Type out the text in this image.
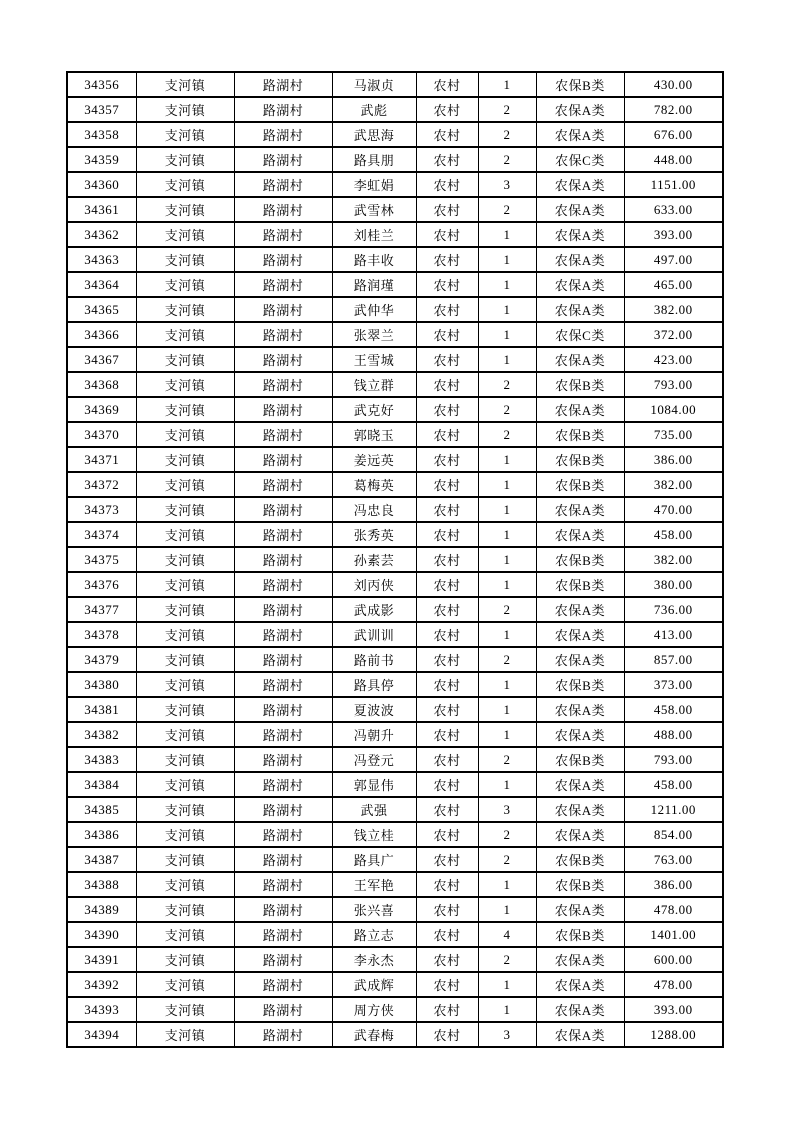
34356	支河镇	路湖村	马淑贞	农村	1	农保B类	430.00
34357	支河镇	路湖村	武彪	农村	2	农保A类	782.00
34358	支河镇	路湖村	武思海	农村	2	农保A类	676.00
34359	支河镇	路湖村	路具朋	农村	2	农保C类	448.00
34360	支河镇	路湖村	李虹娟	农村	3	农保A类	1151.00
34361	支河镇	路湖村	武雪林	农村	2	农保A类	633.00
34362	支河镇	路湖村	刘桂兰	农村	1	农保A类	393.00
34363	支河镇	路湖村	路丰收	农村	1	农保A类	497.00
34364	支河镇	路湖村	路润瑾	农村	1	农保A类	465.00
34365	支河镇	路湖村	武仲华	农村	1	农保A类	382.00
34366	支河镇	路湖村	张翠兰	农村	1	农保C类	372.00
34367	支河镇	路湖村	王雪城	农村	1	农保A类	423.00
34368	支河镇	路湖村	钱立群	农村	2	农保B类	793.00
34369	支河镇	路湖村	武克好	农村	2	农保A类	1084.00
34370	支河镇	路湖村	郭晓玉	农村	2	农保B类	735.00
34371	支河镇	路湖村	姜远英	农村	1	农保B类	386.00
34372	支河镇	路湖村	葛梅英	农村	1	农保B类	382.00
34373	支河镇	路湖村	冯忠良	农村	1	农保A类	470.00
34374	支河镇	路湖村	张秀英	农村	1	农保A类	458.00
34375	支河镇	路湖村	孙素芸	农村	1	农保B类	382.00
34376	支河镇	路湖村	刘丙侠	农村	1	农保B类	380.00
34377	支河镇	路湖村	武成影	农村	2	农保A类	736.00
34378	支河镇	路湖村	武训训	农村	1	农保A类	413.00
34379	支河镇	路湖村	路前书	农村	2	农保A类	857.00
34380	支河镇	路湖村	路具停	农村	1	农保B类	373.00
34381	支河镇	路湖村	夏波波	农村	1	农保A类	458.00
34382	支河镇	路湖村	冯朝升	农村	1	农保A类	488.00
34383	支河镇	路湖村	冯登元	农村	2	农保B类	793.00
34384	支河镇	路湖村	郭显伟	农村	1	农保A类	458.00
34385	支河镇	路湖村	武强	农村	3	农保A类	1211.00
34386	支河镇	路湖村	钱立桂	农村	2	农保A类	854.00
34387	支河镇	路湖村	路具广	农村	2	农保B类	763.00
34388	支河镇	路湖村	王军艳	农村	1	农保B类	386.00
34389	支河镇	路湖村	张兴喜	农村	1	农保A类	478.00
34390	支河镇	路湖村	路立志	农村	4	农保B类	1401.00
34391	支河镇	路湖村	李永杰	农村	2	农保A类	600.00
34392	支河镇	路湖村	武成辉	农村	1	农保A类	478.00
34393	支河镇	路湖村	周方侠	农村	1	农保A类	393.00
34394	支河镇	路湖村	武春梅	农村	3	农保A类	1288.00
